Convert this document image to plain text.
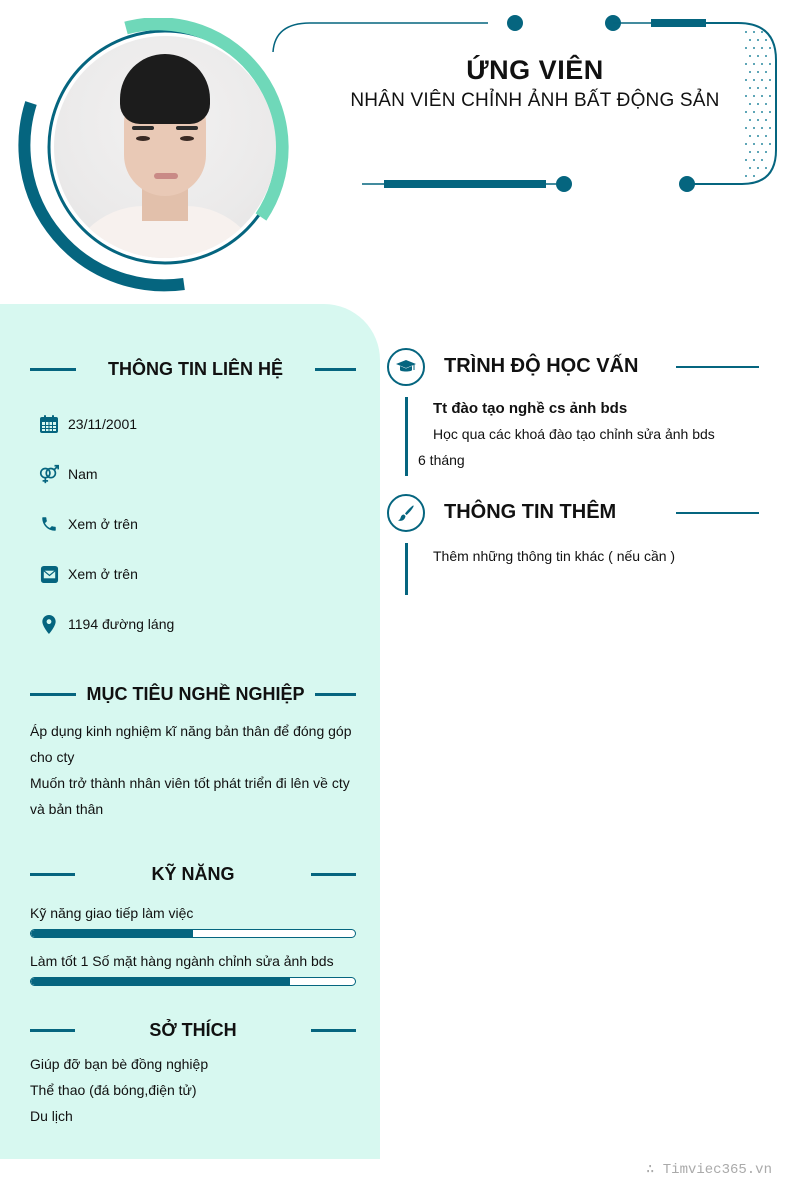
ỨNG VIÊN
NHÂN VIÊN CHỈNH ẢNH BẤT ĐỘNG SẢN
THÔNG TIN LIÊN HỆ
23/11/2001
Nam
Xem ở trên
Xem ở trên
1194 đường láng
MỤC TIÊU NGHỀ NGHIỆP
Áp dụng kinh nghiệm kĩ năng bản thân để đóng góp
cho cty
Muốn trở thành nhân viên tốt phát triển đi lên về cty
và bản thân
KỸ NĂNG
Kỹ năng giao tiếp làm việc
Làm tốt 1 Số mặt hàng ngành chỉnh sửa ảnh bds
SỞ THÍCH
Giúp đỡ bạn bè đồng nghiệp
Thể thao (đá bóng,điện tử)
Du lịch
TRÌNH ĐỘ HỌC VẤN
Tt đào tạo nghề cs ảnh bds
Học qua các khoá đào tạo chỉnh sửa ảnh bds
6 tháng
THÔNG TIN THÊM
Thêm những thông tin khác ( nếu cần )
∴ Timviec365.vn
